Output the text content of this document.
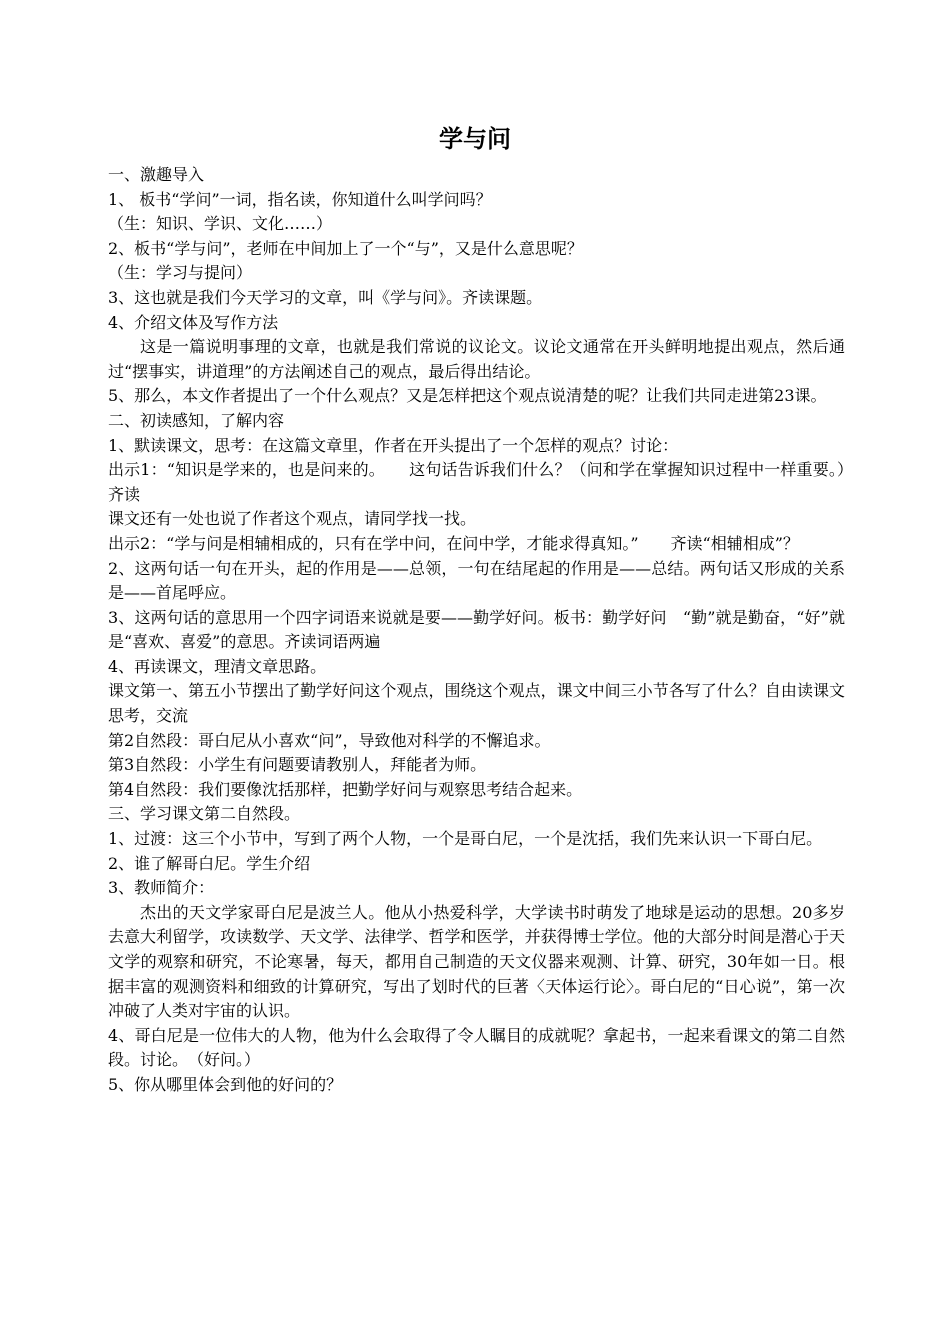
学与问

一、激趣导入

1、 板书“学问”一词，指名读，你知道什么叫学问吗？

（生：知识、学识、文化……）

2、板书“学与问”，老师在中间加上了一个“与”，又是什么意思呢？

（生：学习与提问）

3、这也就是我们今天学习的文章，叫《学与问》。齐读课题。

4、介绍文体及写作方法

这是一篇说明事理的文章，也就是我们常说的议论文。议论文通常在开头鲜明地提出观点，然后通过“摆事实，讲道理”的方法阐述自己的观点，最后得出结论。

5、那么，本文作者提出了一个什么观点？又是怎样把这个观点说清楚的呢？让我们共同走进第23课。

二、初读感知，了解内容

1、默读课文，思考：在这篇文章里，作者在开头提出了一个怎样的观点？讨论：

出示1：“知识是学来的，也是问来的。　　这句话告诉我们什么？（问和学在掌握知识过程中一样重要。）齐读

课文还有一处也说了作者这个观点，请同学找一找。

出示2：“学与问是相辅相成的，只有在学中问，在问中学，才能求得真知。”　　齐读“相辅相成”？

2、这两句话一句在开头，起的作用是——总领，一句在结尾起的作用是——总结。两句话又形成的关系是——首尾呼应。

3、这两句话的意思用一个四字词语来说就是要——勤学好问。板书：勤学好问　“勤”就是勤奋，“好”就是“喜欢、喜爱”的意思。齐读词语两遍

4、再读课文，理清文章思路。

课文第一、第五小节摆出了勤学好问这个观点，围绕这个观点，课文中间三小节各写了什么？自由读课文思考，交流

第2自然段：哥白尼从小喜欢“问”，导致他对科学的不懈追求。

第3自然段：小学生有问题要请教别人，拜能者为师。

第4自然段：我们要像沈括那样，把勤学好问与观察思考结合起来。

三、学习课文第二自然段。

1、过渡：这三个小节中，写到了两个人物，一个是哥白尼，一个是沈括，我们先来认识一下哥白尼。

2、谁了解哥白尼。学生介绍

3、教师简介：

杰出的天文学家哥白尼是波兰人。他从小热爱科学，大学读书时萌发了地球是运动的思想。20多岁去意大利留学，攻读数学、天文学、法律学、哲学和医学，并获得博士学位。他的大部分时间是潜心于天文学的观察和研究，不论寒暑，每天，都用自己制造的天文仪器来观测、计算、研究，30年如一日。根据丰富的观测资料和细致的计算研究，写出了划时代的巨著〈天体运行论〉。哥白尼的“日心说”，第一次冲破了人类对宇宙的认识。

4、哥白尼是一位伟大的人物，他为什么会取得了令人瞩目的成就呢？拿起书，一起来看课文的第二自然段。讨论。　（好问。）

5、你从哪里体会到他的好问的？
